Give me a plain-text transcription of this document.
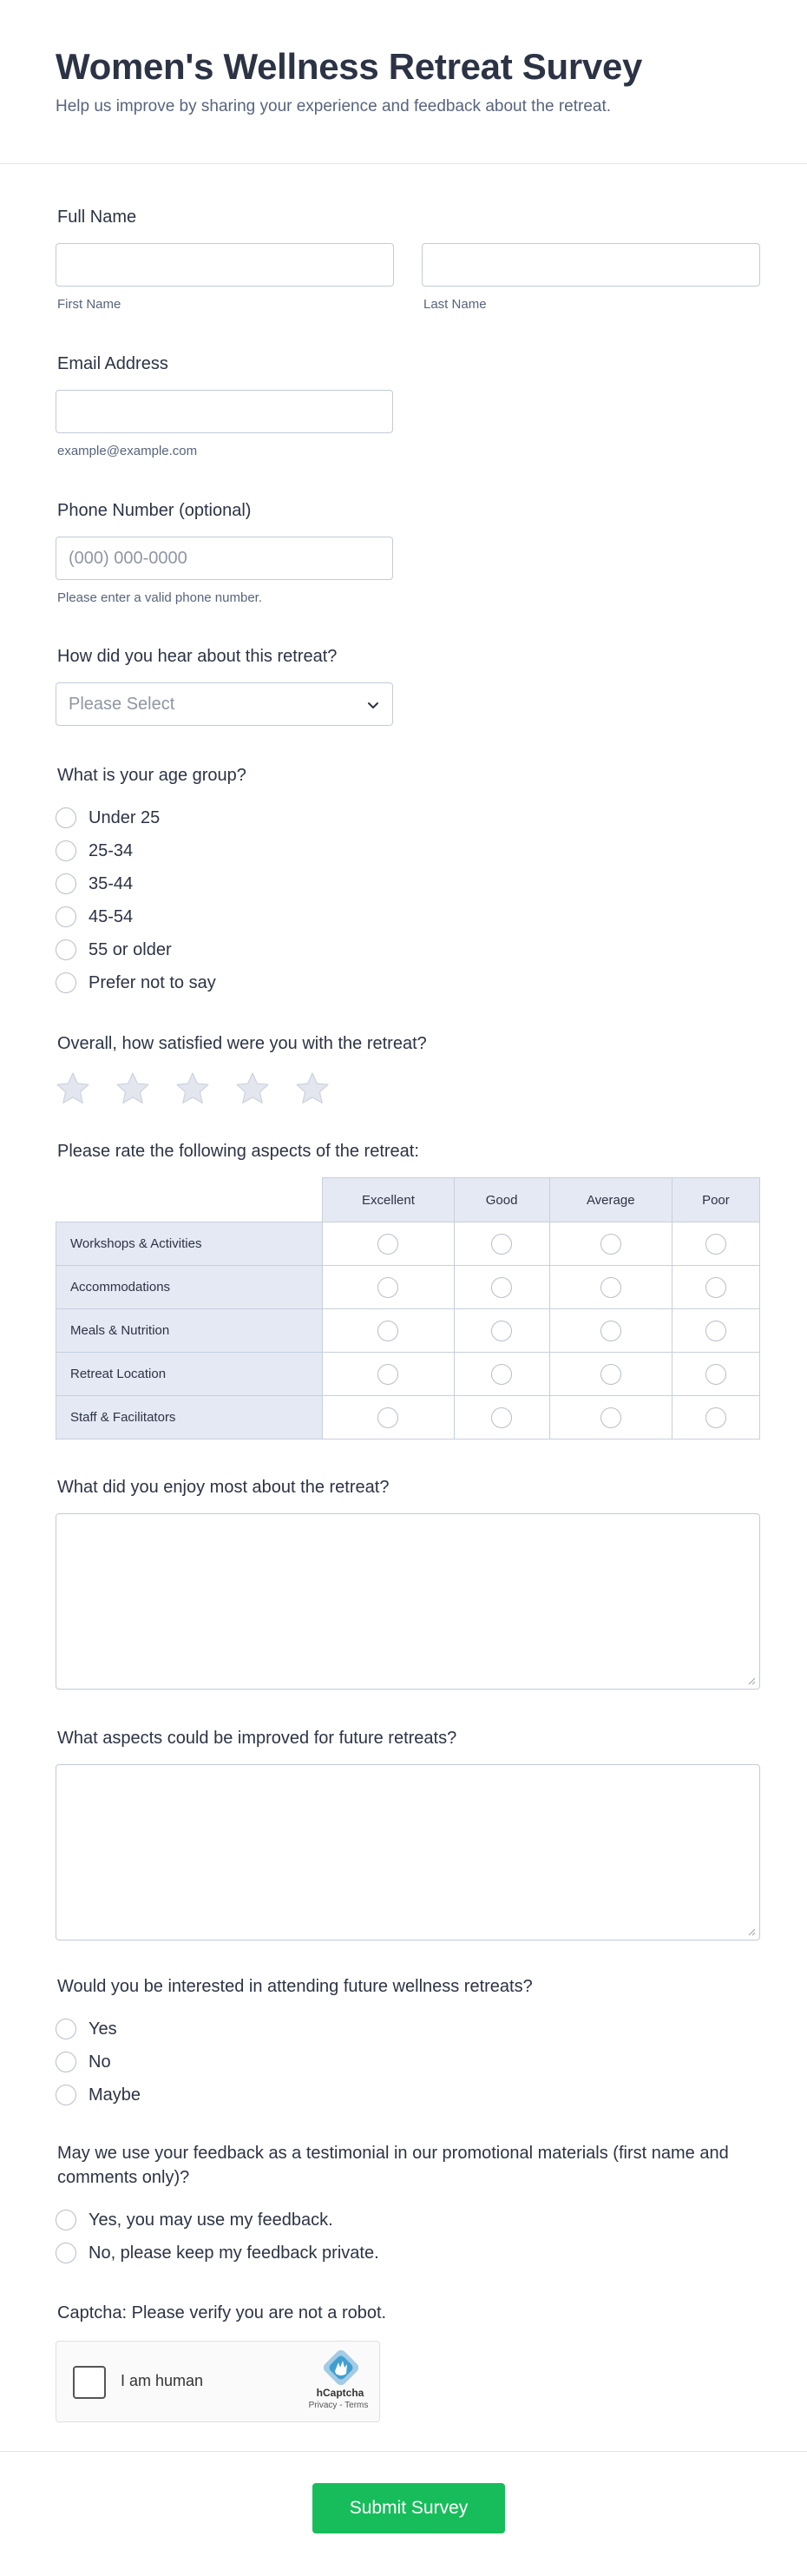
Women's Wellness Retreat Survey
Help us improve by sharing your experience and feedback about the retreat.
Full Name
First Name	Last Name
Email Address
example@example.com
Phone Number (optional)
(000) 000-0000
Please enter a valid phone number.
How did you hear about this retreat?
Please Select
What is your age group?
Under 25
25-34
35-44
45-54
55 or older
Prefer not to say
Overall, how satisfied were you with the retreat?
Please rate the following aspects of the retreat:
	Excellent	Good	Average	Poor
Workshops & Activities				
Accommodations				
Meals & Nutrition				
Retreat Location				
Staff & Facilitators				
What did you enjoy most about the retreat?
What aspects could be improved for future retreats?
Would you be interested in attending future wellness retreats?
Yes
No
Maybe
May we use your feedback as a testimonial in our promotional materials (first name and comments only)?
Yes, you may use my feedback.
No, please keep my feedback private.
Captcha: Please verify you are not a robot.
I am human
hCaptcha
Privacy - Terms
Submit Survey
